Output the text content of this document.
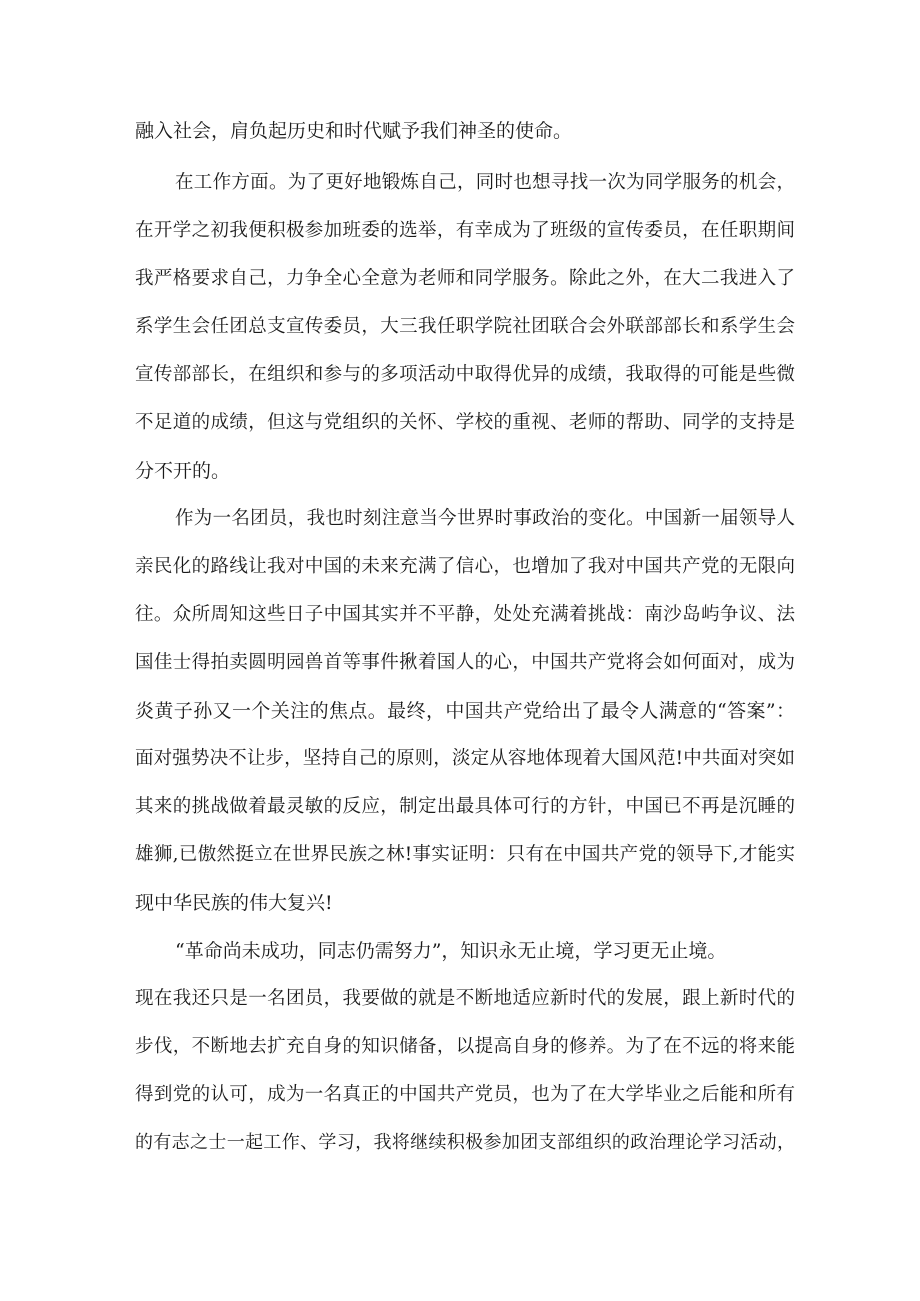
融入社会，肩负起历史和时代赋予我们神圣的使命。
在工作方面。为了更好地锻炼自己，同时也想寻找一次为同学服务的机会，
在开学之初我便积极参加班委的选举，有幸成为了班级的宣传委员，在任职期间
我严格要求自己，力争全心全意为老师和同学服务。除此之外，在大二我进入了
系学生会任团总支宣传委员，大三我任职学院社团联合会外联部部长和系学生会
宣传部部长，在组织和参与的多项活动中取得优异的成绩，我取得的可能是些微
不足道的成绩，但这与党组织的关怀、学校的重视、老师的帮助、同学的支持是
分不开的。
作为一名团员，我也时刻注意当今世界时事政治的变化。中国新一届领导人
亲民化的路线让我对中国的未来充满了信心，也增加了我对中国共产党的无限向
往。众所周知这些日子中国其实并不平静，处处充满着挑战：南沙岛屿争议、法
国佳士得拍卖圆明园兽首等事件揪着国人的心，中国共产党将会如何面对，成为
炎黄子孙又一个关注的焦点。最终，中国共产党给出了最令人满意的“答案”：
面对强势决不让步，坚持自己的原则，淡定从容地体现着大国风范!中共面对突如
其来的挑战做着最灵敏的反应，制定出最具体可行的方针，中国已不再是沉睡的
雄狮,已傲然挺立在世界民族之林!事实证明：只有在中国共产党的领导下,才能实
现中华民族的伟大复兴!
“革命尚未成功，同志仍需努力”，知识永无止境，学习更无止境。
现在我还只是一名团员，我要做的就是不断地适应新时代的发展，跟上新时代的
步伐，不断地去扩充自身的知识储备，以提高自身的修养。为了在不远的将来能
得到党的认可，成为一名真正的中国共产党员，也为了在大学毕业之后能和所有
的有志之士一起工作、学习，我将继续积极参加团支部组织的政治理论学习活动，
